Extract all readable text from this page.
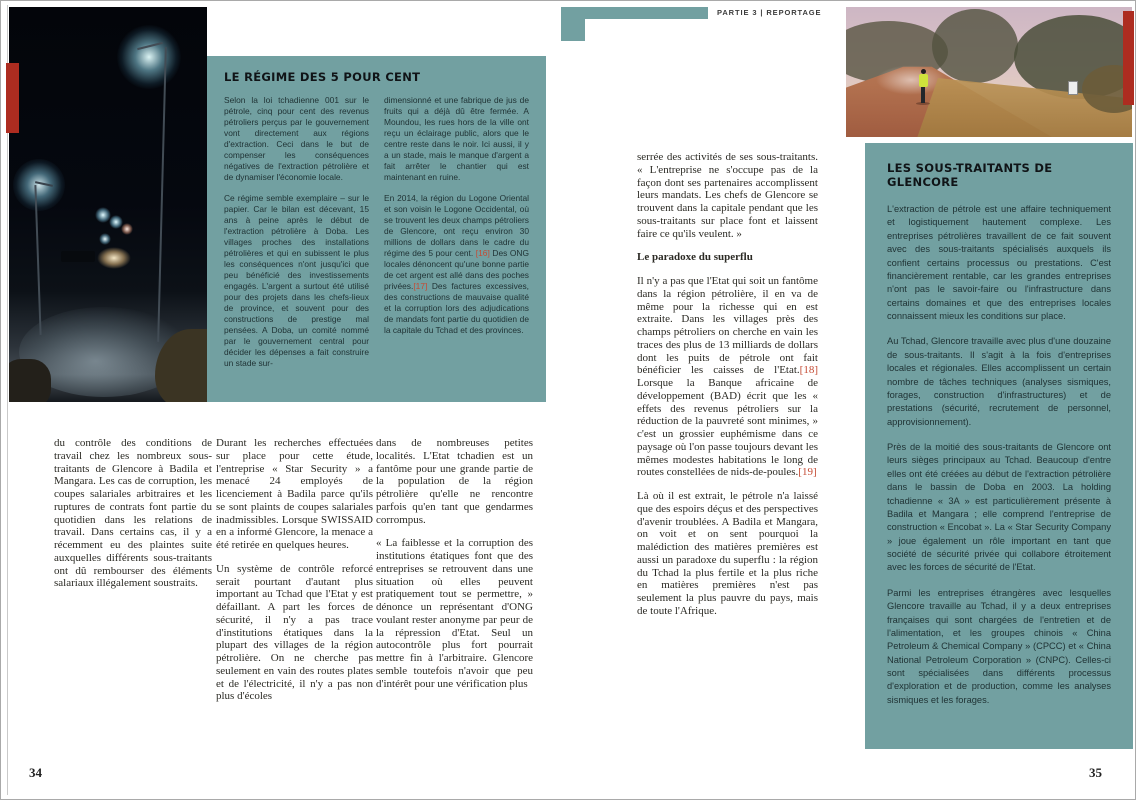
LE RÉGIME DES 5 POUR CENT

Selon la loi tchadienne 001 sur le pétrole, cinq pour cent des revenus pétroliers perçus par le gouvernement vont directement aux régions d'extraction. Ceci dans le but de compenser les conséquences négatives de l'extraction pétrolière et de dynamiser l'économie locale.

Ce régime semble exemplaire – sur le papier. Car le bilan est décevant, 15 ans à peine après le début de l'extraction pétrolière à Doba. Les villages proches des installations pétrolières et qui en subissent le plus les conséquences n'ont jusqu'ici que peu bénéficié des investissements engagés. L'argent a surtout été utilisé pour des projets dans les chefs-lieux de province, et souvent pour des constructions de prestige mal pensées. A Doba, un comité nommé par le gouvernement central pour décider les dépenses a fait construire un stade sur-

dimensionné et une fabrique de jus de fruits qui a déjà dû être fermée. A Moundou, les rues hors de la ville ont reçu un éclairage public, alors que le centre reste dans le noir. Ici aussi, il y a un stade, mais le manque d'argent a fait arrêter le chantier qui est maintenant en ruine.

En 2014, la région du Logone Oriental et son voisin le Logone Occidental, où se trouvent les deux champs pétroliers de Glencore, ont reçu environ 30 millions de dollars dans le cadre du régime des 5 pour cent. [16] Des ONG locales dénoncent qu'une bonne partie de cet argent est allé dans des poches privées.[17] Des factures excessives, des constructions de mauvaise qualité et la corruption lors des adjudications de mandats font partie du quotidien de la capitale du Tchad et des provinces.

du contrôle des conditions de travail chez les nombreux sous-traitants de Glencore à Badila et Mangara. Les cas de corruption, les coupes salariales arbitraires et les ruptures de contrats font partie du quotidien dans les relations de travail. Dans certains cas, il y a récemment eu des plaintes suite auxquelles différents sous-traitants ont dû rembourser des éléments salariaux illégalement soustraits.

Durant les recherches effectuées sur place pour cette étude, l'entreprise « Star Security » a menacé 24 employés de licenciement à Badila parce qu'ils se sont plaints de coupes salariales inadmissibles. Lorsque SWISSAID en a informé Glencore, la menace a été retirée en quelques heures.

Un système de contrôle reforcé serait pourtant d'autant plus important au Tchad que l'Etat y est défaillant. A part les forces de sécurité, il n'y a pas trace d'institutions étatiques dans la plupart des villages de la région pétrolière. On ne cherche pas seulement en vain des routes plates et de l'électricité, il n'y a pas non plus d'écoles

dans de nombreuses petites localités. L'Etat tchadien est un fantôme pour une grande partie de la population de la région pétrolière qu'elle ne rencontre parfois qu'en tant que gendarmes corrompus.

« La faiblesse et la corruption des institutions étatiques font que des entreprises se retrouvent dans une situation où elles peuvent pratiquement tout se permettre, » dénonce un représentant d'ONG voulant rester anonyme par peur de la répression d'Etat. Seul un autocontrôle plus fort pourrait mettre fin à l'arbitraire. Glencore semble toutefois n'avoir que peu d'intérêt pour une vérification plus

34
PARTIE 3 | REPORTAGE

serrée des activités de ses sous-traitants. « L'entreprise ne s'occupe pas de la façon dont ses partenaires accomplissent leurs mandats. Les chefs de Glencore se trouvent dans la capitale pendant que les sous-traitants sur place font et laissent faire ce qu'ils veulent. »

Le paradoxe du superflu

Il n'y a pas que l'Etat qui soit un fantôme dans la région pétrolière, il en va de même pour la richesse qui en est extraite. Dans les villages près des champs pétroliers on cherche en vain les traces des plus de 13 milliards de dollars dont les puits de pétrole ont fait bénéficier les caisses de l'Etat.[18] Lorsque la Banque africaine de développement (BAD) écrit que les « effets des revenus pétroliers sur la réduction de la pauvreté sont minimes, » c'est un grossier euphémisme dans ce paysage où l'on passe toujours devant les mêmes modestes habitations le long de routes constellées de nids-de-poules.[19]

Là où il est extrait, le pétrole n'a laissé que des espoirs déçus et des perspectives d'avenir troublées. A Badila et Mangara, on voit et on sent pourquoi la malédiction des matières premières est aussi un paradoxe du superflu : la région du Tchad la plus fertile et la plus riche en matières premières n'est pas seulement la plus pauvre du pays, mais de toute l'Afrique.

LES SOUS-TRAITANTS DE GLENCORE

L'extraction de pétrole est une affaire techniquement et logistiquement hautement complexe. Les entreprises pétrolières travaillent de ce fait souvent avec des sous-traitants spécialisés auxquels ils confient certains processus ou prestations. C'est financièrement rentable, car les grandes entreprises n'ont pas le savoir-faire ou l'infrastructure dans certains domaines et que des entreprises locales connaissent mieux les conditions sur place.

Au Tchad, Glencore travaille avec plus d'une douzaine de sous-traitants. Il s'agit à la fois d'entreprises locales et régionales. Elles accomplissent un certain nombre de tâches techniques (analyses sismiques, forages, construction d'infrastructures) et de prestations (sécurité, recrutement de personnel, approvisionnement).

Près de la moitié des sous-traitants de Glencore ont leurs sièges principaux au Tchad. Beaucoup d'entre elles ont été créées au début de l'extraction pétrolière dans le bassin de Doba en 2003. La holding tchadienne « 3A » est particulièrement présente à Badila et Mangara ; elle comprend l'entreprise de construction « Encobat ». La « Star Security Company » joue également un rôle important en tant que société de sécurité privée qui collabore étroitement avec les forces de sécurité de l'Etat.

Parmi les entreprises étrangères avec lesquelles Glencore travaille au Tchad, il y a deux entreprises françaises qui sont chargées de l'entretien et de l'alimentation, et les groupes chinois « China Petroleum & Chemical Company » (CPCC) et « China National Petroleum Corporation » (CNPC). Celles-ci sont spécialisées dans différents processus d'exploration et de production, comme les analyses sismiques et les forages.

35
